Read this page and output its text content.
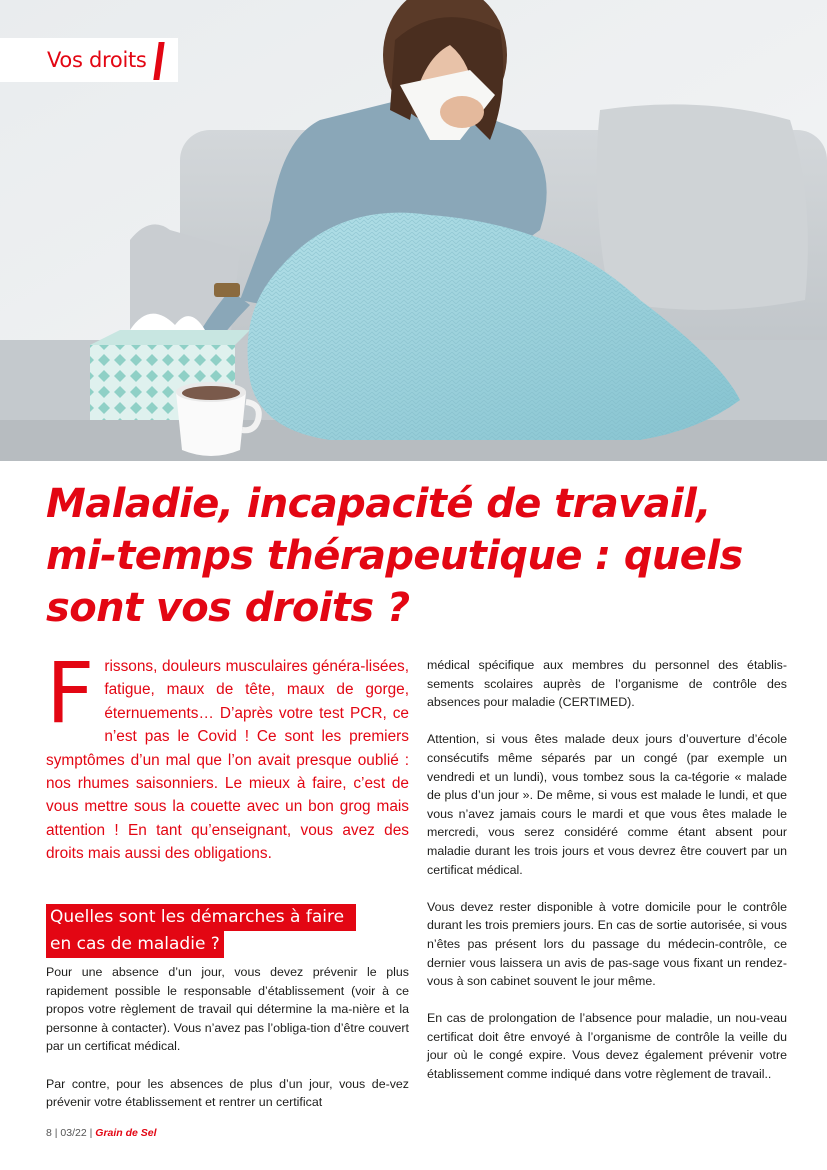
Vos droits
Maladie, incapacité de travail,
mi-temps thérapeutique : quels
sont vos droits ?
F rissons, douleurs musculaires généra-lisées, fatigue, maux de tête, maux de gorge, éternuements… D’après votre test PCR, ce n’est pas le Covid ! Ce sont les premiers symptômes d’un mal que l’on avait presque oublié : nos rhumes saisonniers. Le mieux à faire, c’est de vous mettre sous la couette avec un bon grog mais attention ! En tant qu’enseignant, vous avez des droits mais aussi des obligations.

Quelles sont les démarches à faire
en cas de maladie ?

Pour une absence d’un jour, vous devez prévenir le plus rapidement possible le responsable d’établissement (voir à ce propos votre règlement de travail qui détermine la ma-nière et la personne à contacter). Vous n’avez pas l’obliga-tion d’être couvert par un certificat médical.

Par contre, pour les absences de plus d’un jour, vous de-vez prévenir votre établissement et rentrer un certificat

médical spécifique aux membres du personnel des établis-sements scolaires auprès de l’organisme de contrôle des absences pour maladie (CERTIMED).

Attention, si vous êtes malade deux jours d’ouverture d’école consécutifs même séparés par un congé (par exemple un vendredi et un lundi), vous tombez sous la ca-tégorie « malade de plus d’un jour ». De même, si vous est malade le lundi, et que vous n’avez jamais cours le mardi et que vous êtes malade le mercredi, vous serez considéré comme étant absent pour maladie durant les trois jours et vous devrez être couvert par un certificat médical.

Vous devez rester disponible à votre domicile pour le contrôle durant les trois premiers jours. En cas de sortie autorisée, si vous n’êtes pas présent lors du passage du médecin-contrôle, ce dernier vous laissera un avis de pas-sage vous fixant un rendez-vous à son cabinet souvent le jour même.

En cas de prolongation de l’absence pour maladie, un nou-veau certificat doit être envoyé à l’organisme de contrôle la veille du jour où le congé expire. Vous devez également prévenir votre établissement comme indiqué dans votre règlement de travail..

8 | 03/22 | Grain de Sel
